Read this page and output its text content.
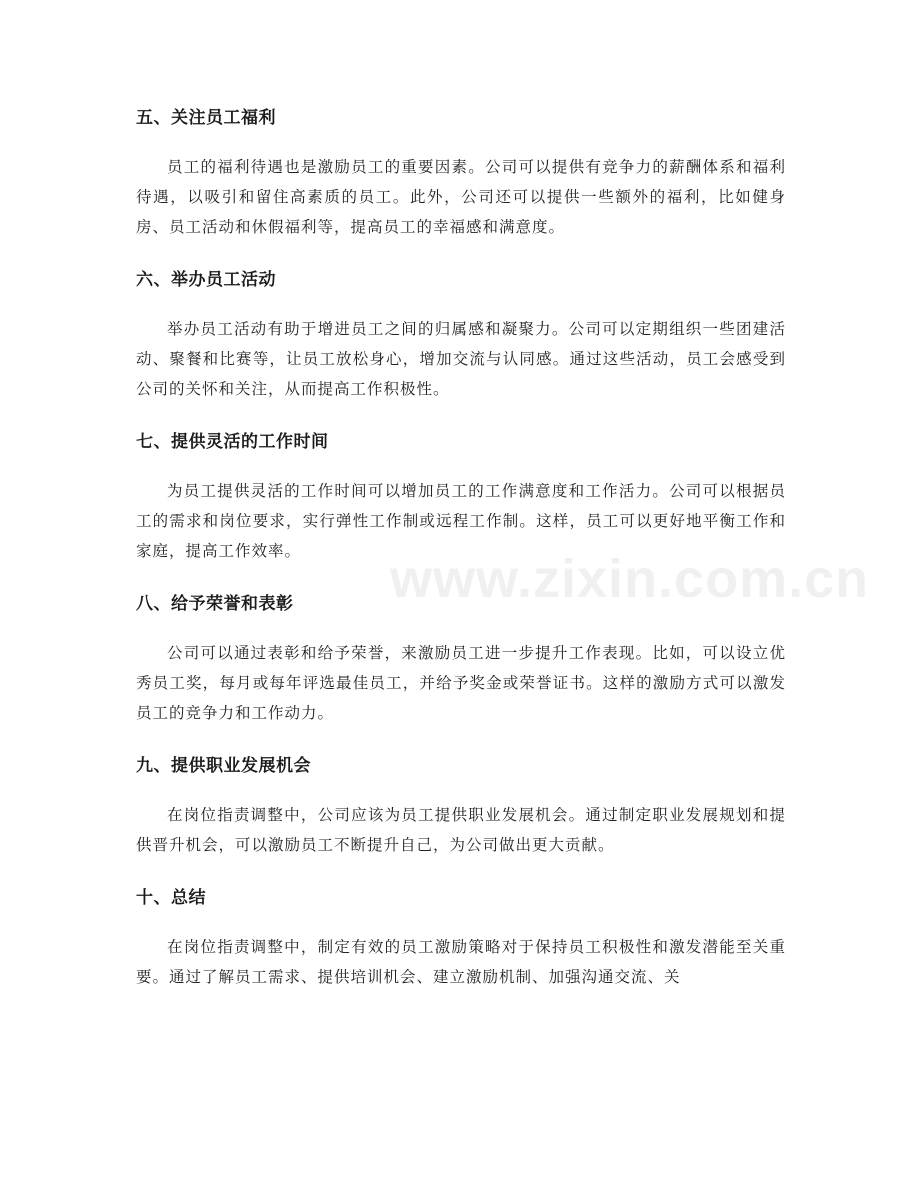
五、关注员工福利

员工的福利待遇也是激励员工的重要因素。公司可以提供有竞争力的薪酬体系和福利待遇，以吸引和留住高素质的员工。此外，公司还可以提供一些额外的福利，比如健身房、员工活动和休假福利等，提高员工的幸福感和满意度。

六、举办员工活动

举办员工活动有助于增进员工之间的归属感和凝聚力。公司可以定期组织一些团建活动、聚餐和比赛等，让员工放松身心，增加交流与认同感。通过这些活动，员工会感受到公司的关怀和关注，从而提高工作积极性。

七、提供灵活的工作时间

为员工提供灵活的工作时间可以增加员工的工作满意度和工作活力。公司可以根据员工的需求和岗位要求，实行弹性工作制或远程工作制。这样，员工可以更好地平衡工作和家庭，提高工作效率。

八、给予荣誉和表彰

公司可以通过表彰和给予荣誉，来激励员工进一步提升工作表现。比如，可以设立优秀员工奖，每月或每年评选最佳员工，并给予奖金或荣誉证书。这样的激励方式可以激发员工的竞争力和工作动力。

九、提供职业发展机会

在岗位指责调整中，公司应该为员工提供职业发展机会。通过制定职业发展规划和提供晋升机会，可以激励员工不断提升自己，为公司做出更大贡献。

十、总结

在岗位指责调整中，制定有效的员工激励策略对于保持员工积极性和激发潜能至关重要。通过了解员工需求、提供培训机会、建立激励机制、加强沟通交流、关

www.zixin.com.cn
